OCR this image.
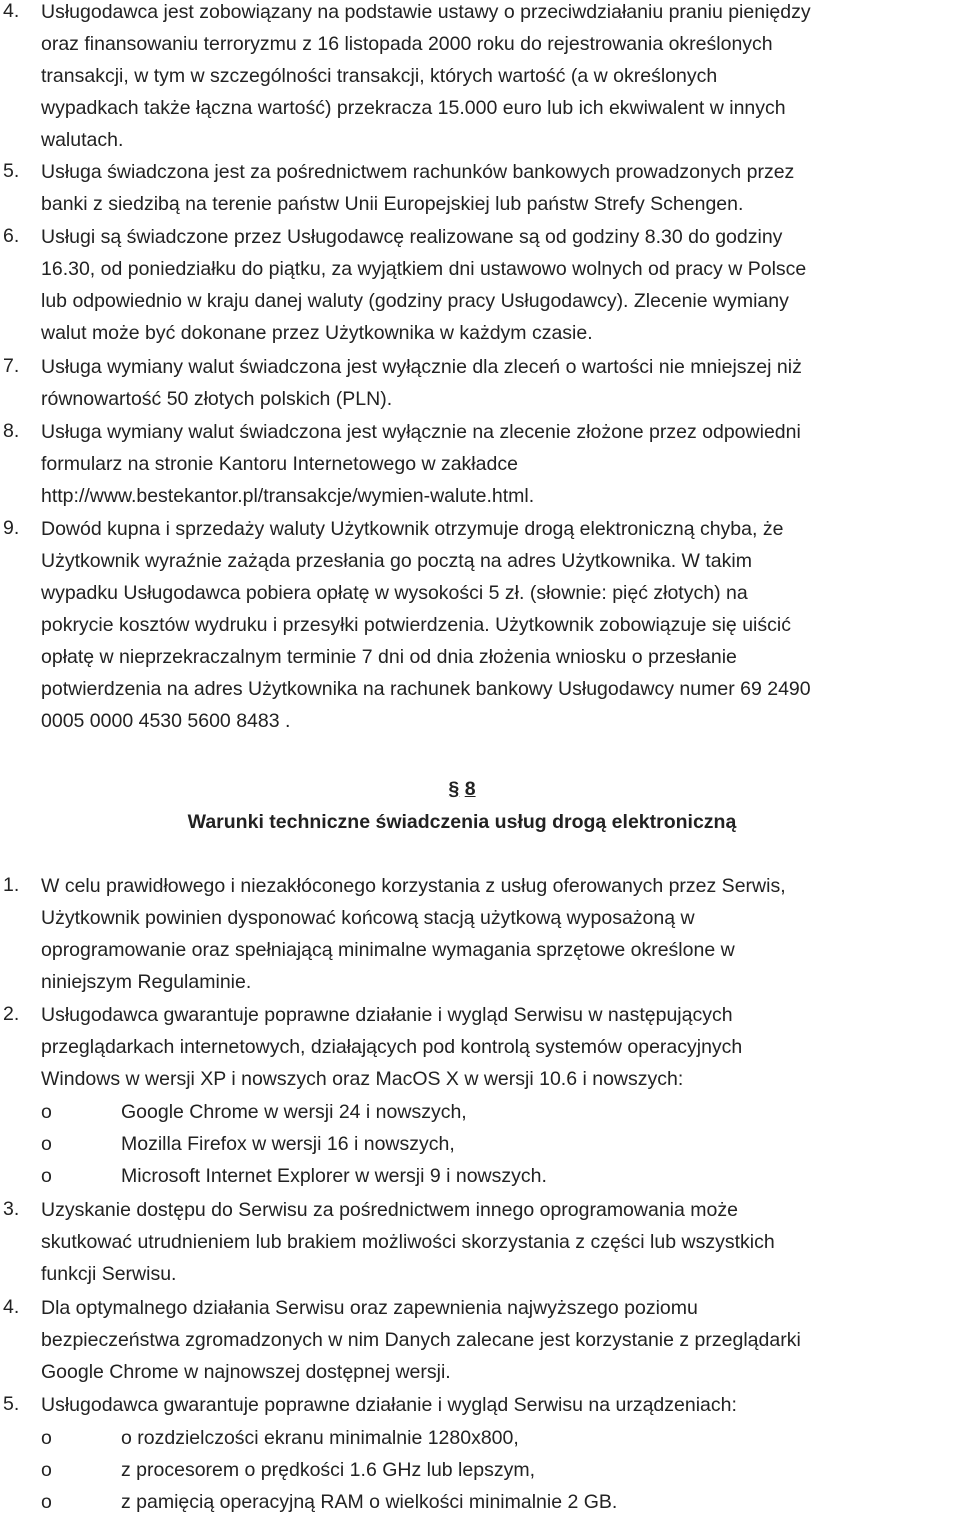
4. Usługodawca jest zobowiązany na podstawie ustawy o przeciwdziałaniu praniu pieniędzy
oraz finansowaniu terroryzmu z 16 listopada 2000 roku do rejestrowania określonych
transakcji, w tym w szczególności transakcji, których wartość (a w określonych
wypadkach także łączna wartość) przekracza 15.000 euro lub ich ekwiwalent w innych
walutach.
5. Usługa świadczona jest za pośrednictwem rachunków bankowych prowadzonych przez
banki z siedzibą na terenie państw Unii Europejskiej lub państw Strefy Schengen.
6. Usługi są świadczone przez Usługodawcę realizowane są od godziny 8.30 do godziny
16.30, od poniedziałku do piątku, za wyjątkiem dni ustawowo wolnych od pracy w Polsce
lub odpowiednio w kraju danej waluty (godziny pracy Usługodawcy). Zlecenie wymiany
walut może być dokonane przez Użytkownika w każdym czasie.
7. Usługa wymiany walut świadczona jest wyłącznie dla zleceń o wartości nie mniejszej niż
równowartość 50 złotych polskich (PLN).
8. Usługa wymiany walut świadczona jest wyłącznie na zlecenie złożone przez odpowiedni
formularz na stronie Kantoru Internetowego w zakładce
http://www.bestekantor.pl/transakcje/wymien-walute.html.
9. Dowód kupna i sprzedaży waluty Użytkownik otrzymuje drogą elektroniczną chyba, że
Użytkownik wyraźnie zażąda przesłania go pocztą na adres Użytkownika. W takim
wypadku Usługodawca pobiera opłatę w wysokości 5 zł. (słownie: pięć złotych) na
pokrycie kosztów wydruku i przesyłki potwierdzenia. Użytkownik zobowiązuje się uiścić
opłatę w nieprzekraczalnym terminie 7 dni od dnia złożenia wniosku o przesłanie
potwierdzenia na adres Użytkownika na rachunek bankowy Usługodawcy numer 69 2490
0005 0000 4530 5600 8483 .
§ 8
Warunki techniczne świadczenia usług drogą elektroniczną
1. W celu prawidłowego i niezakłóconego korzystania z usług oferowanych przez Serwis,
Użytkownik powinien dysponować końcową stacją użytkową wyposażoną w
oprogramowanie oraz spełniającą minimalne wymagania sprzętowe określone w
niniejszym Regulaminie.
2. Usługodawca gwarantuje poprawne działanie i wygląd Serwisu w następujących
przeglądarkach internetowych, działających pod kontrolą systemów operacyjnych
Windows w wersji XP i nowszych oraz MacOS X w wersji 10.6 i nowszych:
o	Google Chrome w wersji 24 i nowszych,
o	Mozilla Firefox w wersji 16 i nowszych,
o	Microsoft Internet Explorer w wersji 9 i nowszych.
3. Uzyskanie dostępu do Serwisu za pośrednictwem innego oprogramowania może
skutkować utrudnieniem lub brakiem możliwości skorzystania z części lub wszystkich
funkcji Serwisu.
4. Dla optymalnego działania Serwisu oraz zapewnienia najwyższego poziomu
bezpieczeństwa zgromadzonych w nim Danych zalecane jest korzystanie z przeglądarki
Google Chrome w najnowszej dostępnej wersji.
5. Usługodawca gwarantuje poprawne działanie i wygląd Serwisu na urządzeniach:
o	o rozdzielczości ekranu minimalnie 1280x800,
o	z procesorem o prędkości 1.6 GHz lub lepszym,
o	z pamięcią operacyjną RAM o wielkości minimalnie 2 GB.
